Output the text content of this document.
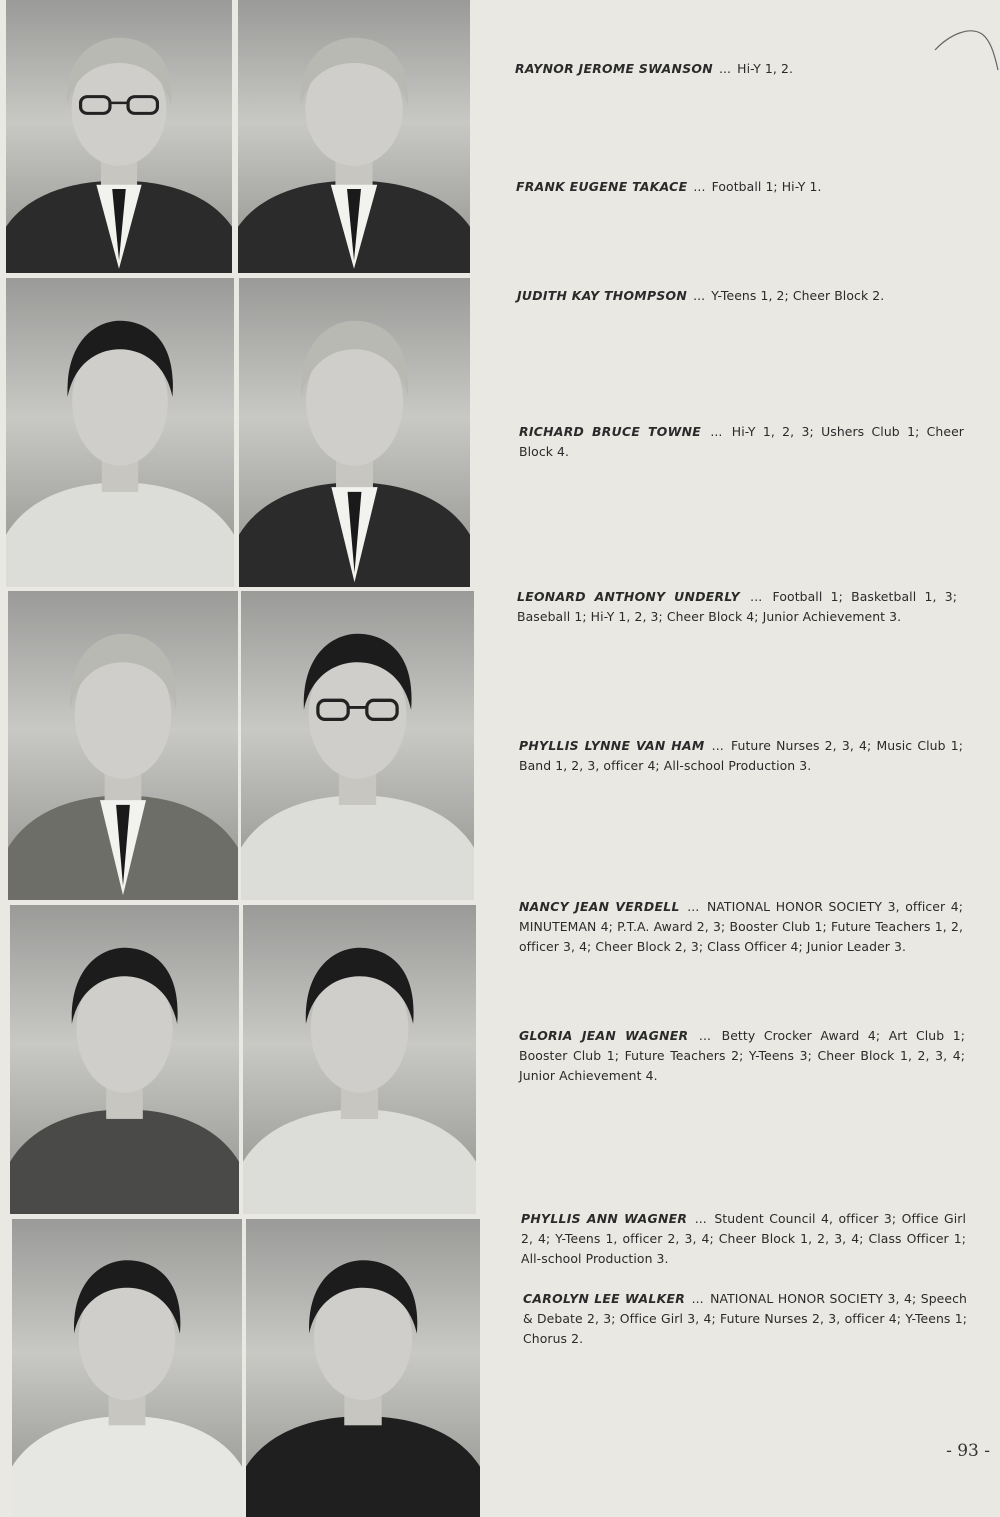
RAYNOR JEROME SWANSON ... Hi-Y 1, 2.
FRANK EUGENE TAKACE ... Football 1; Hi-Y 1.
JUDITH KAY THOMPSON ... Y-Teens 1, 2; Cheer Block 2.
RICHARD BRUCE TOWNE ... Hi-Y 1, 2, 3; Ushers Club 1; Cheer Block 4.
LEONARD ANTHONY UNDERLY ... Football 1; Basketball 1, 3; Baseball 1; Hi-Y 1, 2, 3; Cheer Block 4; Junior Achievement 3.
PHYLLIS LYNNE VAN HAM ... Future Nurses 2, 3, 4; Music Club 1; Band 1, 2, 3, officer 4; All-school Production 3.
NANCY JEAN VERDELL ... NATIONAL HONOR SOCIETY 3, officer 4; MINUTEMAN 4; P.T.A. Award 2, 3; Booster Club 1; Future Teachers 1, 2, officer 3, 4; Cheer Block 2, 3; Class Officer 4; Junior Leader 3.
GLORIA JEAN WAGNER ... Betty Crocker Award 4; Art Club 1; Booster Club 1; Future Teachers 2; Y-Teens 3; Cheer Block 1, 2, 3, 4; Junior Achievement 4.
PHYLLIS ANN WAGNER ... Student Council 4, officer 3; Office Girl 2, 4; Y-Teens 1, officer 2, 3, 4; Cheer Block 1, 2, 3, 4; Class Officer 1; All-school Production 3.
CAROLYN LEE WALKER ... NATIONAL HONOR SOCIETY 3, 4; Speech & Debate 2, 3; Office Girl 3, 4; Future Nurses 2, 3, officer 4; Y-Teens 1; Chorus 2.
- 93 -
